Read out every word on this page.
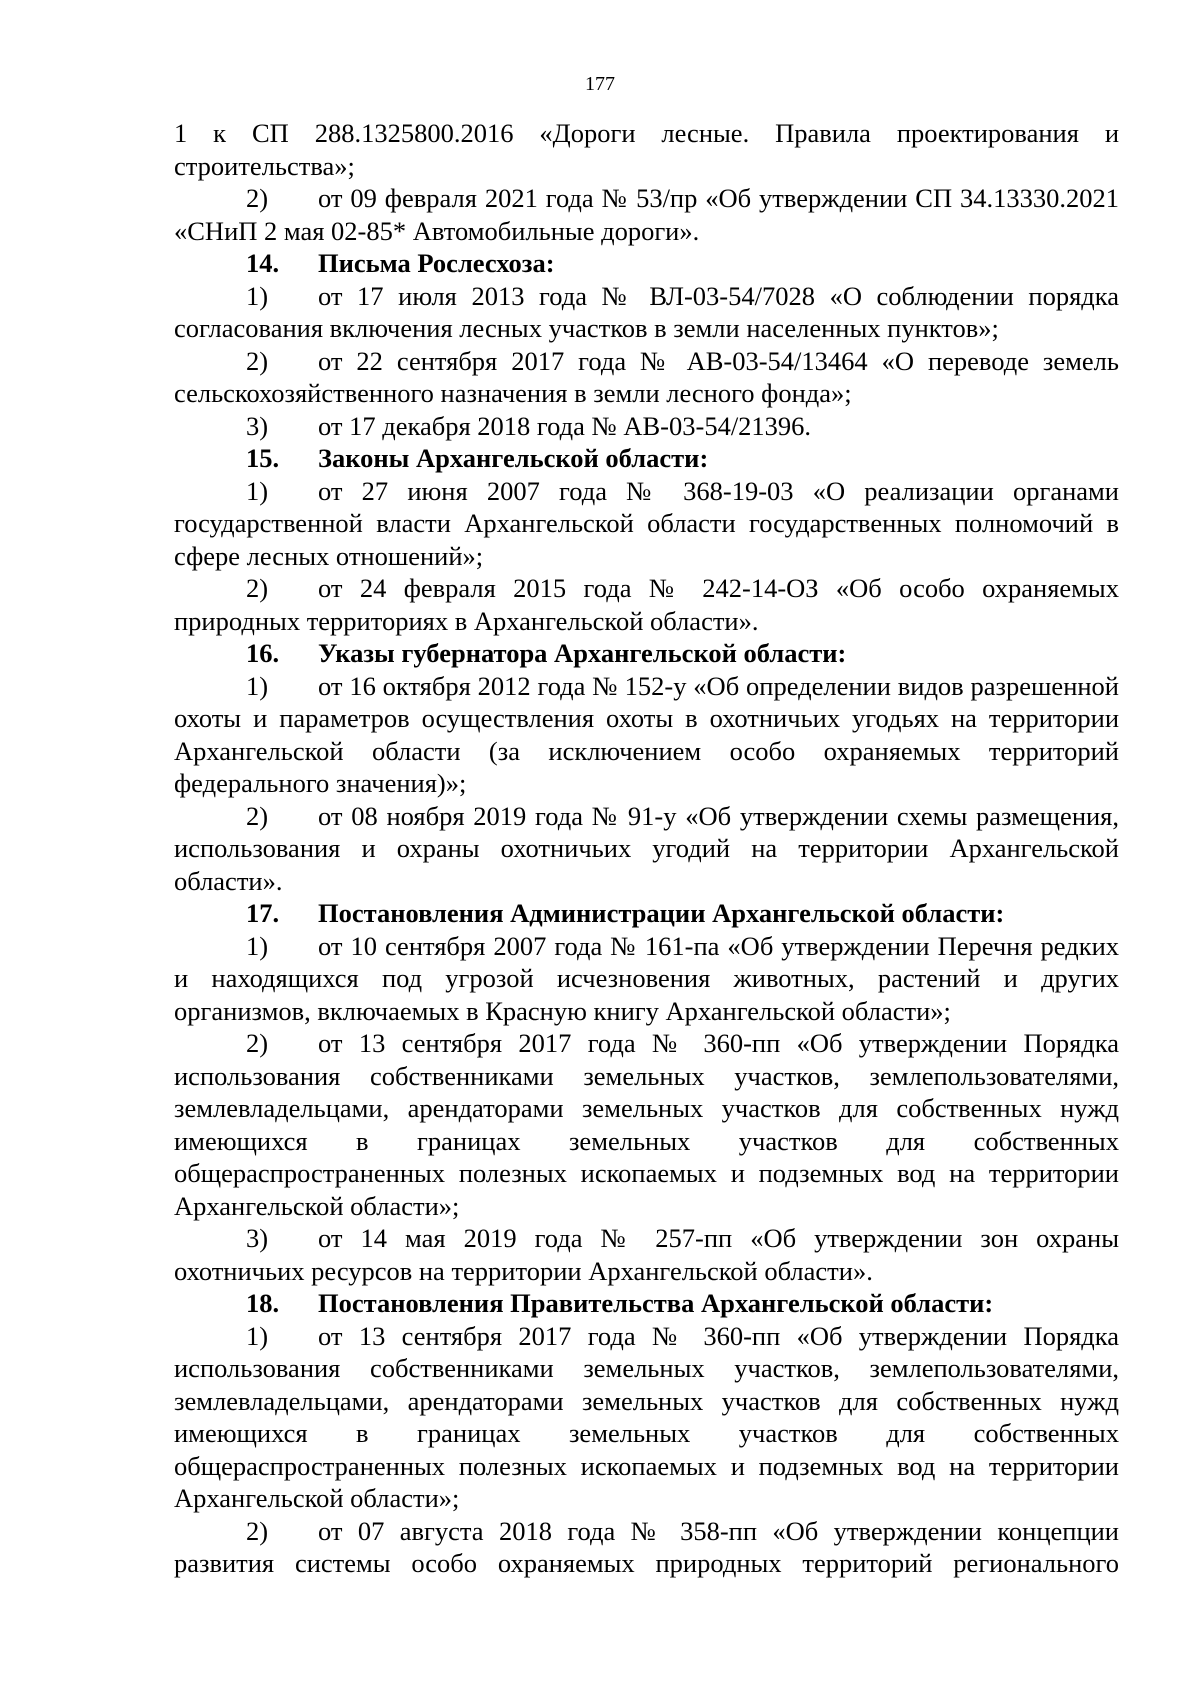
177

1 к СП 288.1325800.2016 «Дороги лесные. Правила проектирования и строительства»;

2) от 09 февраля 2021 года № 53/пр «Об утверждении СП 34.13330.2021 «СНиП 2 мая 02-85* Автомобильные дороги».

14. Письма Рослесхоза:

1) от 17 июля 2013 года № ВЛ-03-54/7028 «О соблюдении порядка согласования включения лесных участков в земли населенных пунктов»;

2) от 22 сентября 2017 года № АВ-03-54/13464 «О переводе земель сельскохозяйственного назначения в земли лесного фонда»;

3) от 17 декабря 2018 года № АВ-03-54/21396.

15. Законы Архангельской области:

1) от 27 июня 2007 года № 368-19-03 «О реализации органами государственной власти Архангельской области государственных полномочий в сфере лесных отношений»;

2) от 24 февраля 2015 года № 242-14-ОЗ «Об особо охраняемых природных территориях в Архангельской области».

16. Указы губернатора Архангельской области:

1) от 16 октября 2012 года № 152-у «Об определении видов разрешенной охоты и параметров осуществления охоты в охотничьих угодьях на территории Архангельской области (за исключением особо охраняемых территорий федерального значения)»;

2) от 08 ноября 2019 года № 91-у «Об утверждении схемы размещения, использования и охраны охотничьих угодий на территории Архангельской области».

17. Постановления Администрации Архангельской области:

1) от 10 сентября 2007 года № 161-па «Об утверждении Перечня редких и находящихся под угрозой исчезновения животных, растений и других организмов, включаемых в Красную книгу Архангельской области»;

2) от 13 сентября 2017 года № 360-пп «Об утверждении Порядка использования собственниками земельных участков, землепользователями, землевладельцами, арендаторами земельных участков для собственных нужд имеющихся в границах земельных участков для собственных общераспространенных полезных ископаемых и подземных вод на территории Архангельской области»;

3) от 14 мая 2019 года № 257-пп «Об утверждении зон охраны охотничьих ресурсов на территории Архангельской области».

18. Постановления Правительства Архангельской области:

1) от 13 сентября 2017 года № 360-пп «Об утверждении Порядка использования собственниками земельных участков, землепользователями, землевладельцами, арендаторами земельных участков для собственных нужд имеющихся в границах земельных участков для собственных общераспространенных полезных ископаемых и подземных вод на территории Архангельской области»;

2) от 07 августа 2018 года № 358-пп «Об утверждении концепции развития системы особо охраняемых природных территорий регионального
